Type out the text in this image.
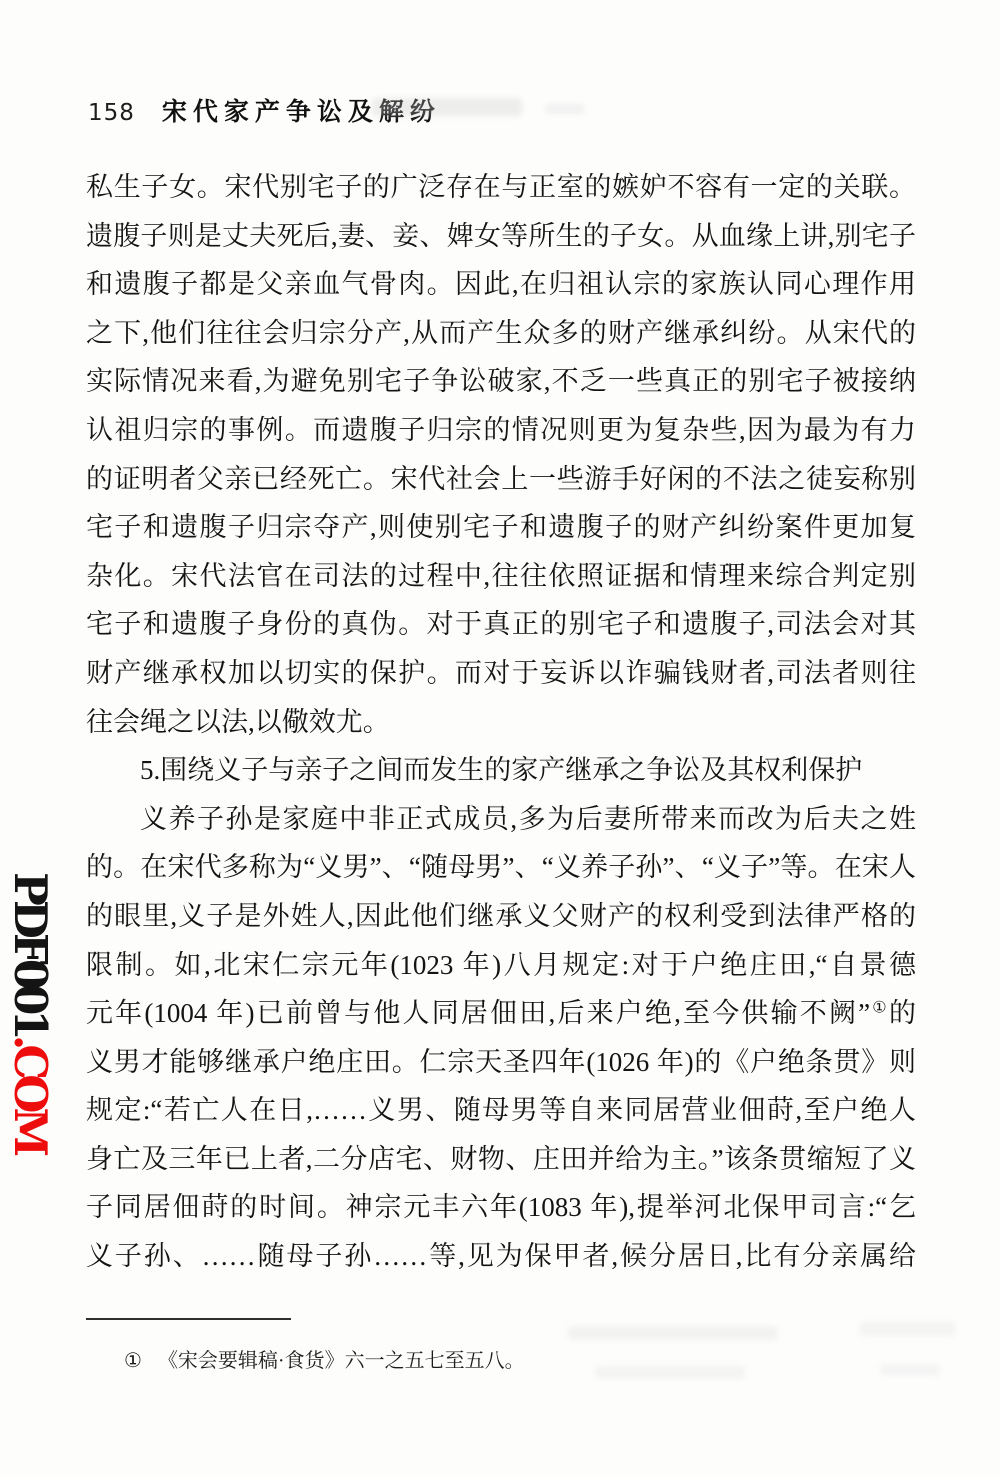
158 宋代家产争讼及解纷
私生子女。宋代别宅子的广泛存在与正室的嫉妒不容有一定的关联。
遗腹子则是丈夫死后,妻、妾、婢女等所生的子女。从血缘上讲,别宅子
和遗腹子都是父亲血气骨肉。因此,在归祖认宗的家族认同心理作用
之下,他们往往会归宗分产,从而产生众多的财产继承纠纷。从宋代的
实际情况来看,为避免别宅子争讼破家,不乏一些真正的别宅子被接纳
认祖归宗的事例。而遗腹子归宗的情况则更为复杂些,因为最为有力
的证明者父亲已经死亡。宋代社会上一些游手好闲的不法之徒妄称别
宅子和遗腹子归宗夺产,则使别宅子和遗腹子的财产纠纷案件更加复
杂化。宋代法官在司法的过程中,往往依照证据和情理来综合判定别
宅子和遗腹子身份的真伪。对于真正的别宅子和遗腹子,司法会对其
财产继承权加以切实的保护。而对于妄诉以诈骗钱财者,司法者则往
往会绳之以法,以儆效尤。
5.围绕义子与亲子之间而发生的家产继承之争讼及其权利保护
义养子孙是家庭中非正式成员,多为后妻所带来而改为后夫之姓
的。在宋代多称为“义男”、“随母男”、“义养子孙”、“义子”等。在宋人
的眼里,义子是外姓人,因此他们继承义父财产的权利受到法律严格的
限制。如,北宋仁宗元年(1023 年)八月规定:对于户绝庄田,“自景德
元年(1004 年)已前曾与他人同居佃田,后来户绝,至今供输不阙”①的
义男才能够继承户绝庄田。仁宗天圣四年(1026 年)的《户绝条贯》则
规定:“若亡人在日,……义男、随母男等自来同居营业佃莳,至户绝人
身亡及三年已上者,二分店宅、财物、庄田并给为主。”该条贯缩短了义
子同居佃莳的时间。神宗元丰六年(1083 年),提举河北保甲司言:“乞
义子孙、……随母子孙……等,见为保甲者,候分居日,比有分亲属给
PDF001.COM
① 《宋会要辑稿·食货》六一之五七至五八。
